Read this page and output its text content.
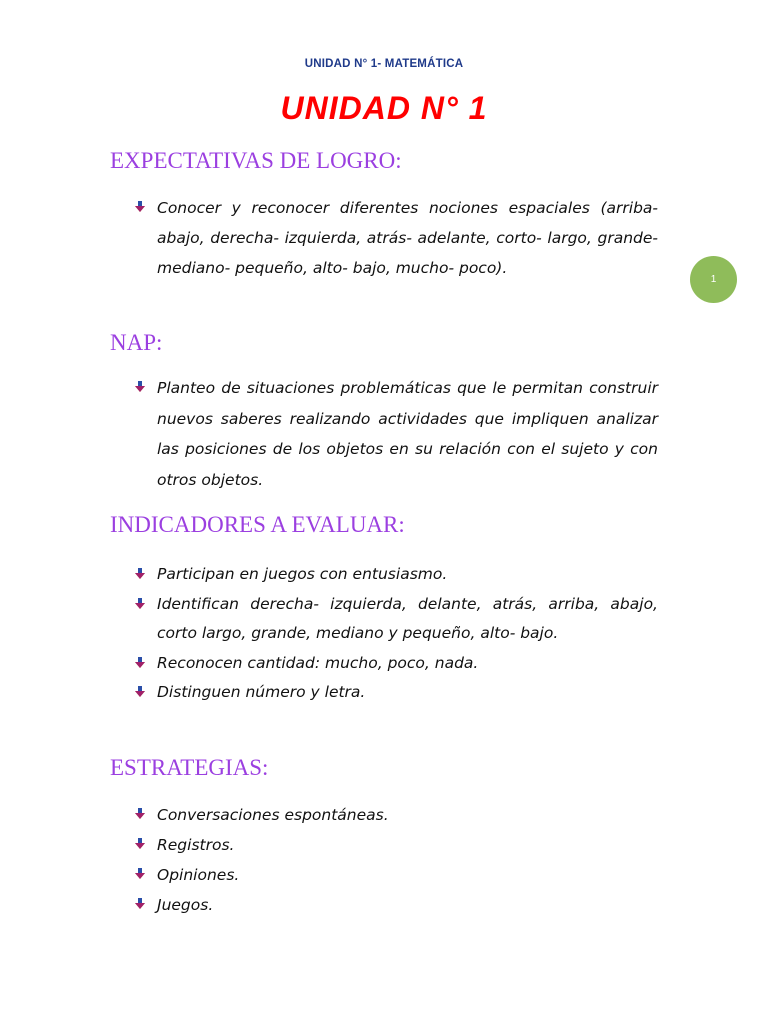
UNIDAD N° 1- MATEMÁTICA
UNIDAD N° 1
1
EXPECTATIVAS DE LOGRO:
Conocer y reconocer diferentes nociones espaciales (arriba- abajo, derecha- izquierda, atrás- adelante, corto- largo, grande- mediano- pequeño, alto- bajo, mucho- poco).
NAP:
Planteo de situaciones problemáticas que le permitan construir nuevos saberes realizando actividades que impliquen analizar las posiciones de los objetos en su relación con el sujeto y con otros objetos.
INDICADORES A EVALUAR:
Participan en juegos con entusiasmo.
Identifican derecha- izquierda, delante, atrás, arriba, abajo, corto largo, grande, mediano y pequeño, alto- bajo.
Reconocen cantidad: mucho, poco, nada.
Distinguen número y letra.
ESTRATEGIAS:
Conversaciones espontáneas.
Registros.
Opiniones.
Juegos.
